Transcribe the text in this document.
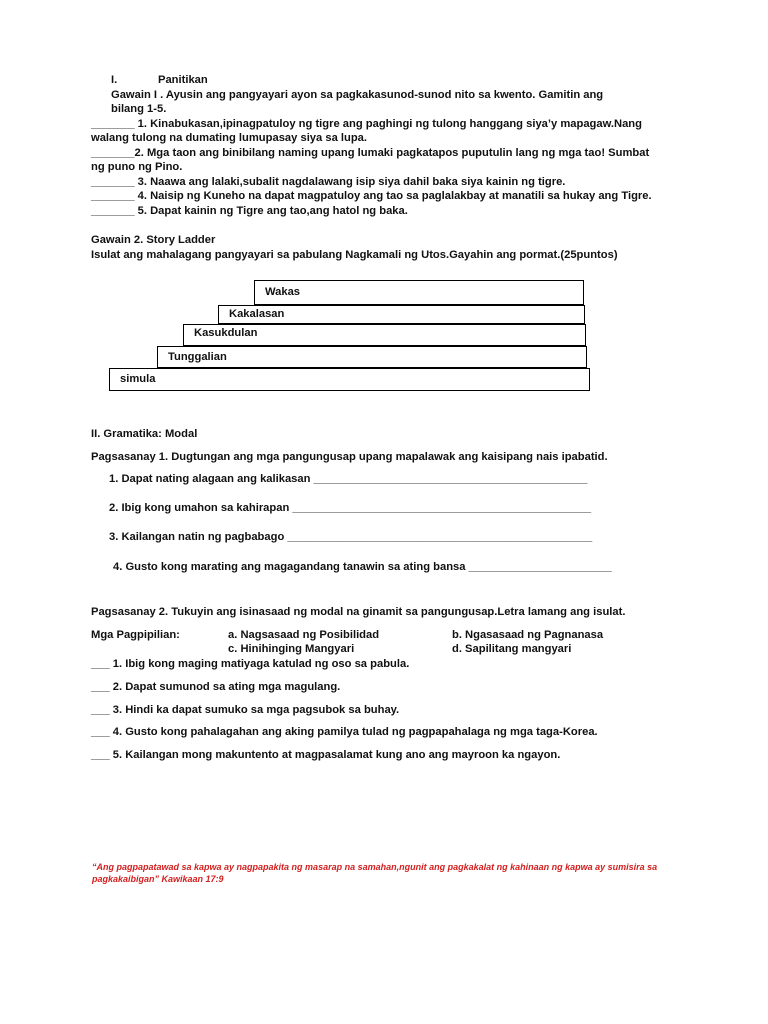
I.	Panitikan
Gawain I . Ayusin ang pangyayari ayon sa pagkakasunod-sunod nito sa kwento. Gamitin ang
bilang 1-5.
_______ 1. Kinabukasan,ipinagpatuloy ng tigre ang paghingi ng tulong hanggang siya’y mapagaw.Nang
walang tulong na dumating lumupasay siya sa lupa.
_______2. Mga taon ang binibilang naming upang lumaki pagkatapos puputulin lang ng mga tao! Sumbat
ng puno ng Pino.
_______ 3. Naawa ang lalaki,subalit nagdalawang isip siya dahil baka siya kainin ng tigre.
_______ 4. Naisip ng Kuneho na dapat magpatuloy ang tao sa paglalakbay at manatili sa hukay ang Tigre.
_______ 5. Dapat kainin ng Tigre ang tao,ang hatol ng baka.
Gawain 2. Story Ladder
Isulat ang mahalagang pangyayari sa pabulang Nagkamali ng Utos.Gayahin ang pormat.(25puntos)
Wakas
Kakalasan
Kasukdulan
Tunggalian
simula
II. Gramatika: Modal
Pagsasanay 1. Dugtungan ang mga pangungusap upang mapalawak ang kaisipang nais ipabatid.
1. Dapat nating alagaan ang kalikasan ____________________________________________
2. Ibig kong umahon sa kahirapan ________________________________________________
3. Kailangan natin ng pagbabago _________________________________________________
4. Gusto kong marating ang magagandang tanawin sa ating bansa _______________________
Pagsasanay 2. Tukuyin ang isinasaad ng modal na ginamit sa pangungusap.Letra lamang ang isulat.
Mga Pagpipilian:	a. Nagsasaad ng Posibilidad	b. Ngasasaad ng Pagnanasa
c. Hinihinging Mangyari	d. Sapilitang mangyari
___ 1. Ibig kong maging matiyaga katulad ng oso sa pabula.
___ 2. Dapat sumunod sa ating mga magulang.
___ 3. Hindi ka dapat sumuko sa mga pagsubok sa buhay.
___ 4. Gusto kong pahalagahan ang aking pamilya tulad ng pagpapahalaga ng mga taga-Korea.
___ 5. Kailangan mong makuntento at magpasalamat kung ano ang mayroon ka ngayon.
“Ang pagpapatawad sa kapwa ay nagpapakita ng masarap na samahan,ngunit ang pagkakalat ng kahinaan ng kapwa ay sumisira sa pagkakaibigan” Kawikaan 17:9
